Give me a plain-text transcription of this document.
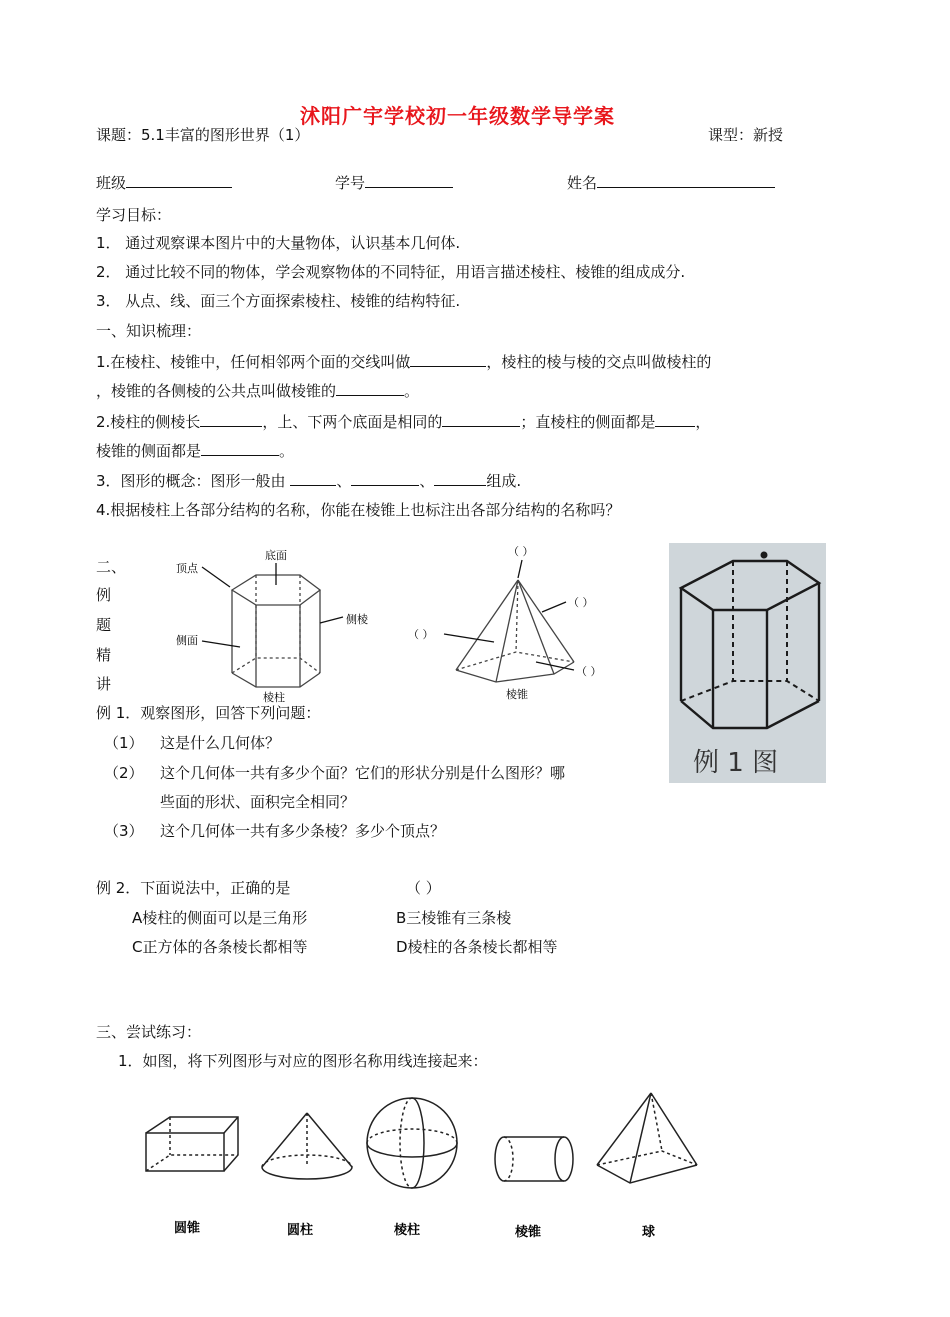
沭阳广宇学校初一年级数学导学案
课题：5.1丰富的图形世界（1）	课型：新授
班级	学号	姓名
学习目标：
1． 通过观察课本图片中的大量物体，认识基本几何体.
2． 通过比较不同的物体，学会观察物体的不同特征，用语言描述棱柱、棱锥的组成成分.
3． 从点、线、面三个方面探索棱柱、棱锥的结构特征.
一、知识梳理：
1.在棱柱、棱锥中，任何相邻两个面的交线叫做	，棱柱的棱与棱的交点叫做棱柱的
，棱锥的各侧棱的公共点叫做棱锥的	。
2.棱柱的侧棱长	，上、下两个底面是相同的	；直棱柱的侧面都是	，
棱锥的侧面都是	。
3．图形的概念：图形一般由	、	、	组成.
4.根据棱柱上各部分结构的名称，你能在棱锥上也标注出各部分结构的名称吗？
二、
例
题
精
讲
底面
顶点
侧棱
侧面
棱柱
（ ）
（ ）
（ ）
（ ）
棱锥
例 1 图
例 1．观察图形，回答下列问题：
（1） 这是什么几何体？
（2） 这个几何体一共有多少个面？它们的形状分别是什么图形？哪
些面的形状、面积完全相同？
（3） 这个几何体一共有多少条棱？多少个顶点？
例 2．下面说法中，正确的是	（ ）
A棱柱的侧面可以是三角形	B三棱锥有三条棱
C正方体的各条棱长都相等	D棱柱的各条棱长都相等
三、尝试练习：
1．如图，将下列图形与对应的图形名称用线连接起来：
圆锥	圆柱	棱柱	棱锥	球
